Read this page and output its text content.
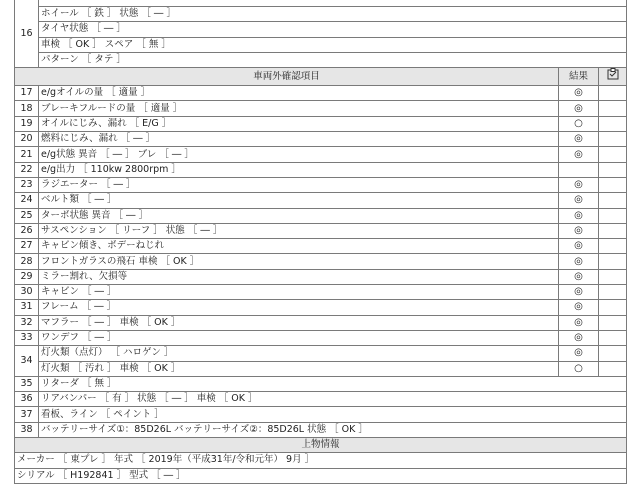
16			
	ホイール ［ 鉄 ］ 状態 ［ ― ］		
	タイヤ状態 ［ ― ］		
	車検 ［ OK ］ スペア ［ 無 ］		
	パターン ［ タテ ］		
車両外確認項目		結果	
17	e/gオイルの量 ［ 適量 ］	◎	
18	ブレーキフルードの量 ［ 適量 ］	◎	
19	オイルにじみ、漏れ ［ E/G ］	○	
20	燃料にじみ、漏れ ［ ― ］	◎	
21	e/g状態 異音 ［ ― ］ ブレ ［ ― ］	◎	
22	e/g出力 ［ 110kw 2800rpm ］		
23	ラジエーター ［ ― ］	◎	
24	ベルト類 ［ ― ］	◎	
25	ターボ状態 異音 ［ ― ］	◎	
26	サスペンション ［ リーフ ］ 状態 ［ ― ］	◎	
27	キャビン傾き、ボデーねじれ	◎	
28	フロントガラスの飛石 車検 ［ OK ］	◎	
29	ミラー割れ、欠損等	◎	
30	キャビン ［ ― ］	◎	
31	フレーム ［ ― ］	◎	
32	マフラー ［ ― ］ 車検 ［ OK ］	◎	
33	ワンデフ ［ ― ］	◎	
34	灯火類（点灯） ［ ハロゲン ］	◎	
	灯火類 ［ 汚れ ］ 車検 ［ OK ］	○	
35	リターダ ［ 無 ］		
36	リアバンパー ［ 有 ］ 状態 ［ ― ］ 車検 ［ OK ］		
37	看板、ライン ［ ペイント ］		
38	バッテリーサイズ①：85D26L バッテリーサイズ②：85D26L 状態 ［ OK ］		
上物情報			
メーカー ［ 東プレ ］ 年式 ［ 2019年（平成31年/令和元年） 9月 ］			
シリアル ［ H192841 ］ 型式 ［ ― ］			
